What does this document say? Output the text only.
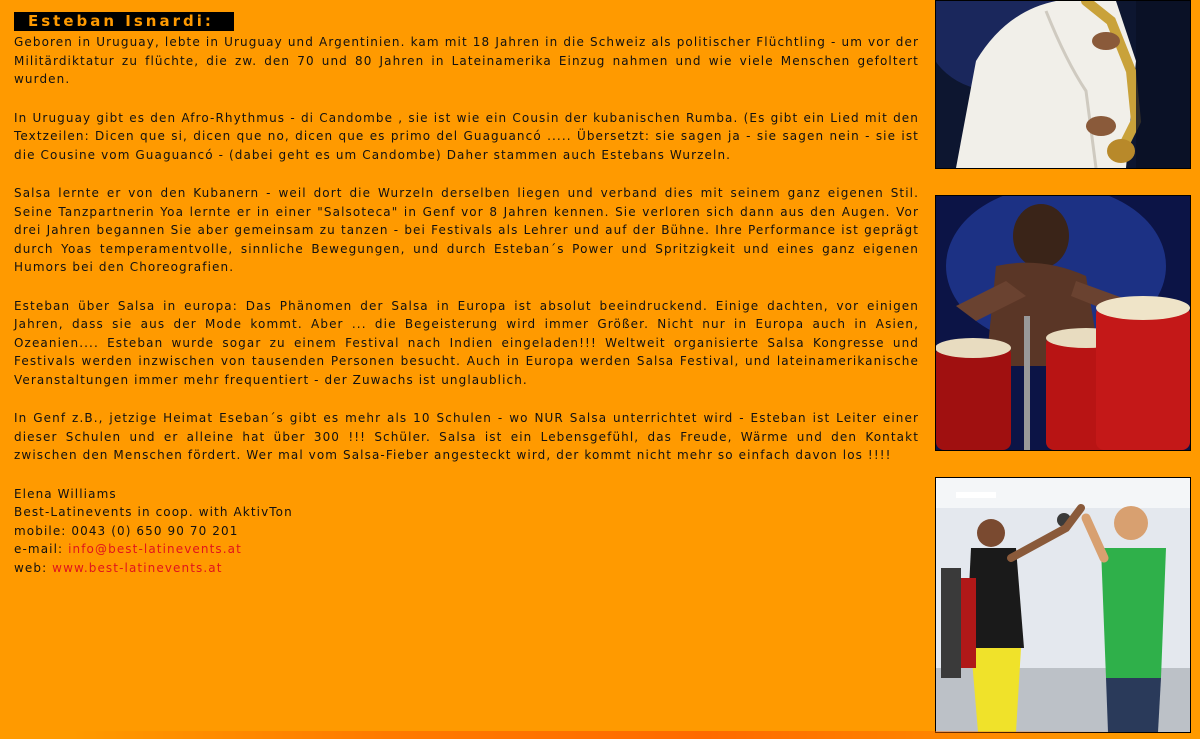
Esteban Isnardi:

Geboren in Uruguay, lebte in Uruguay und Argentinien. kam mit 18 Jahren in die Schweiz als politischer Flüchtling - um vor der Militärdiktatur zu flüchte, die zw. den 70 und 80 Jahren in Lateinamerika Einzug nahmen und wie viele Menschen gefoltert wurden.

In Uruguay gibt es den Afro-Rhythmus - di Candombe , sie ist wie ein Cousin der kubanischen Rumba. (Es gibt ein Lied mit den Textzeilen: Dicen que si, dicen que no, dicen que es primo del Guaguancó ..... Übersetzt: sie sagen ja - sie sagen nein - sie ist die Cousine vom Guaguancó - (dabei geht es um Candombe) Daher stammen auch Estebans Wurzeln.

Salsa lernte er von den Kubanern - weil dort die Wurzeln derselben liegen und verband dies mit seinem ganz eigenen Stil. Seine Tanzpartnerin Yoa lernte er in einer "Salsoteca" in Genf vor 8 Jahren kennen. Sie verloren sich dann aus den Augen. Vor drei Jahren begannen Sie aber gemeinsam zu tanzen - bei Festivals als Lehrer und auf der Bühne. Ihre Performance ist geprägt durch Yoas temperamentvolle, sinnliche Bewegungen, und durch Esteban´s Power und Spritzigkeit und eines ganz eigenen Humors bei den Choreografien.

Esteban über Salsa in europa: Das Phänomen der Salsa in Europa ist absolut beeindruckend. Einige dachten, vor einigen Jahren, dass sie aus der Mode kommt. Aber ... die Begeisterung wird immer Größer. Nicht nur in Europa auch in Asien, Ozeanien.... Esteban wurde sogar zu einem Festival nach Indien eingeladen!!! Weltweit organisierte Salsa Kongresse und Festivals werden inzwischen von tausenden Personen besucht. Auch in Europa werden Salsa Festival, und lateinamerikanische Veranstaltungen immer mehr frequentiert - der Zuwachs ist unglaublich.

In Genf z.B., jetzige Heimat Eseban´s gibt es mehr als 10 Schulen - wo NUR Salsa unterrichtet wird - Esteban ist Leiter einer dieser Schulen und er alleine hat über 300 !!! Schüler. Salsa ist ein Lebensgefühl, das Freude, Wärme und den Kontakt zwischen den Menschen fördert. Wer mal vom Salsa-Fieber angesteckt wird, der kommt nicht mehr so einfach davon los !!!!

Elena Williams
Best-Latinevents in coop. with AktivTon
mobile: 0043 (0) 650 90 70 201
e-mail: info@best-latinevents.at
web: www.best-latinevents.at
